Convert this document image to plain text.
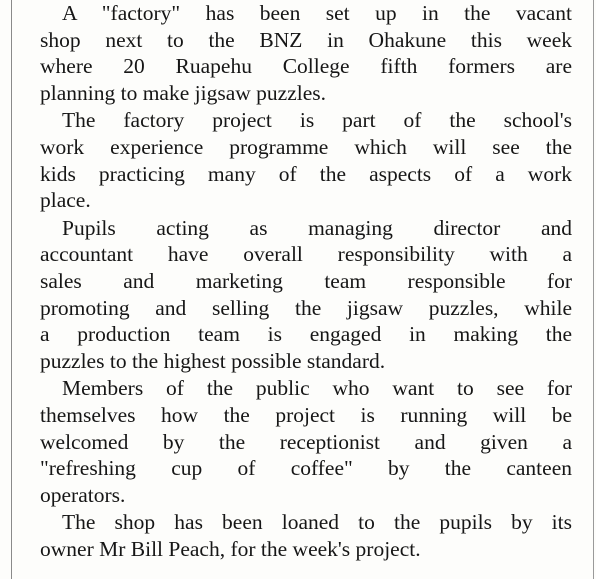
A "factory" has been set up in the vacant
shop next to the BNZ in Ohakune this week
where 20 Ruapehu College fifth formers are
planning to make jigsaw puzzles.
The factory project is part of the school's
work experience programme which will see the
kids practicing many of the aspects of a work
place.
Pupils acting as managing director and
accountant have overall responsibility with a
sales and marketing team responsible for
promoting and selling the jigsaw puzzles, while
a production team is engaged in making the
puzzles to the highest possible standard.
Members of the public who want to see for
themselves how the project is running will be
welcomed by the receptionist and given a
"refreshing cup of coffee" by the canteen
operators.
The shop has been loaned to the pupils by its
owner Mr Bill Peach, for the week's project.
